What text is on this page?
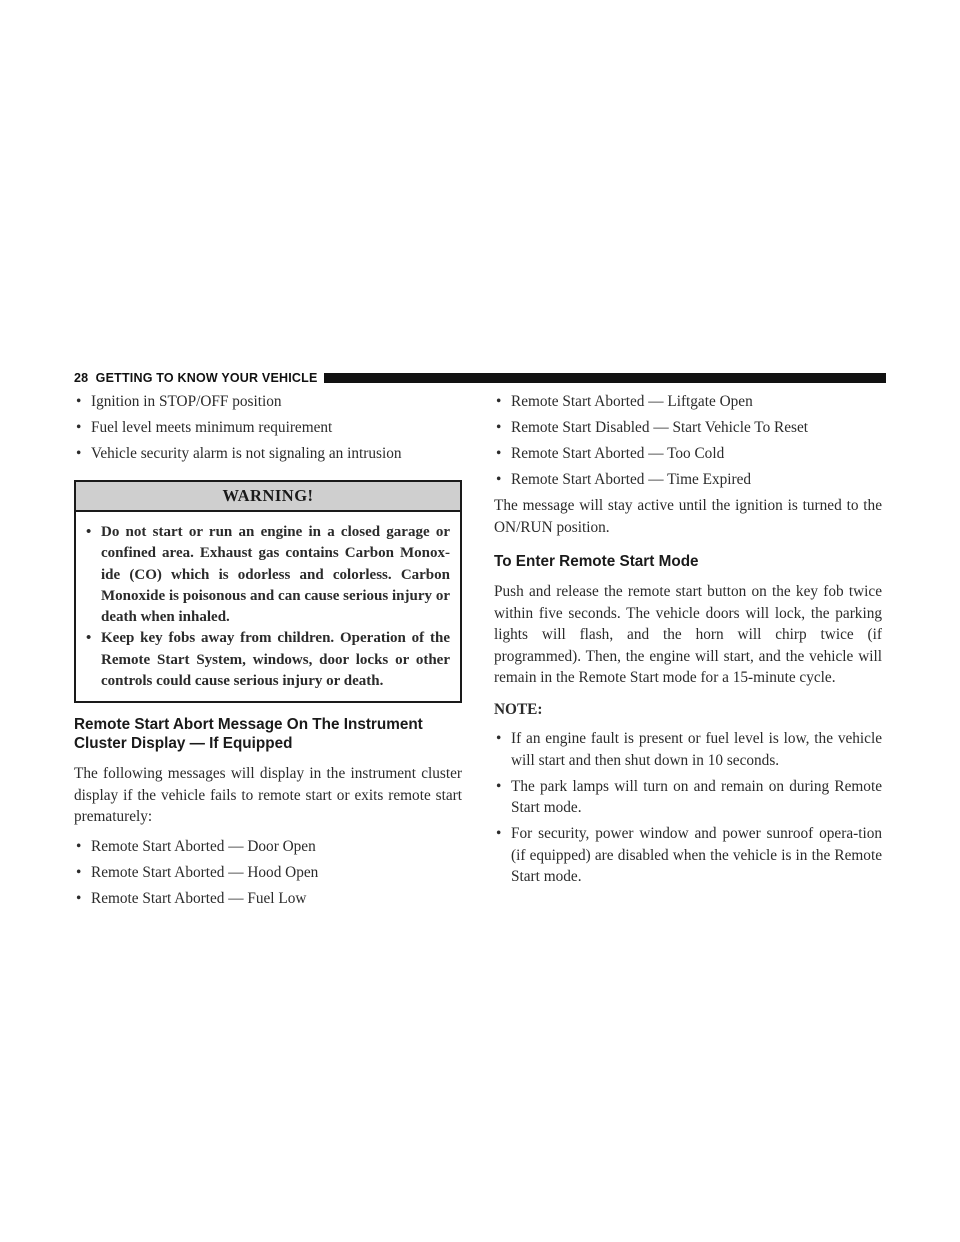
28 GETTING TO KNOW YOUR VEHICLE
• Ignition in STOP/OFF position
• Fuel level meets minimum requirement
• Vehicle security alarm is not signaling an intrusion
WARNING!
• Do not start or run an engine in a closed garage or confined area. Exhaust gas contains Carbon Monox-ide (CO) which is odorless and colorless. Carbon Monoxide is poisonous and can cause serious injury or death when inhaled.
• Keep key fobs away from children. Operation of the Remote Start System, windows, door locks or other controls could cause serious injury or death.
Remote Start Abort Message On The Instrument Cluster Display — If Equipped

The following messages will display in the instrument cluster display if the vehicle fails to remote start or exits remote start prematurely:

• Remote Start Aborted — Door Open
• Remote Start Aborted — Hood Open
• Remote Start Aborted — Fuel Low
• Remote Start Aborted — Liftgate Open
• Remote Start Disabled — Start Vehicle To Reset
• Remote Start Aborted — Too Cold
• Remote Start Aborted — Time Expired

The message will stay active until the ignition is turned to the ON/RUN position.

To Enter Remote Start Mode

Push and release the remote start button on the key fob twice within five seconds. The vehicle doors will lock, the parking lights will flash, and the horn will chirp twice (if programmed). Then, the engine will start, and the vehicle will remain in the Remote Start mode for a 15-minute cycle.

NOTE:
• If an engine fault is present or fuel level is low, the vehicle will start and then shut down in 10 seconds.
• The park lamps will turn on and remain on during Remote Start mode.
• For security, power window and power sunroof opera-tion (if equipped) are disabled when the vehicle is in the Remote Start mode.
